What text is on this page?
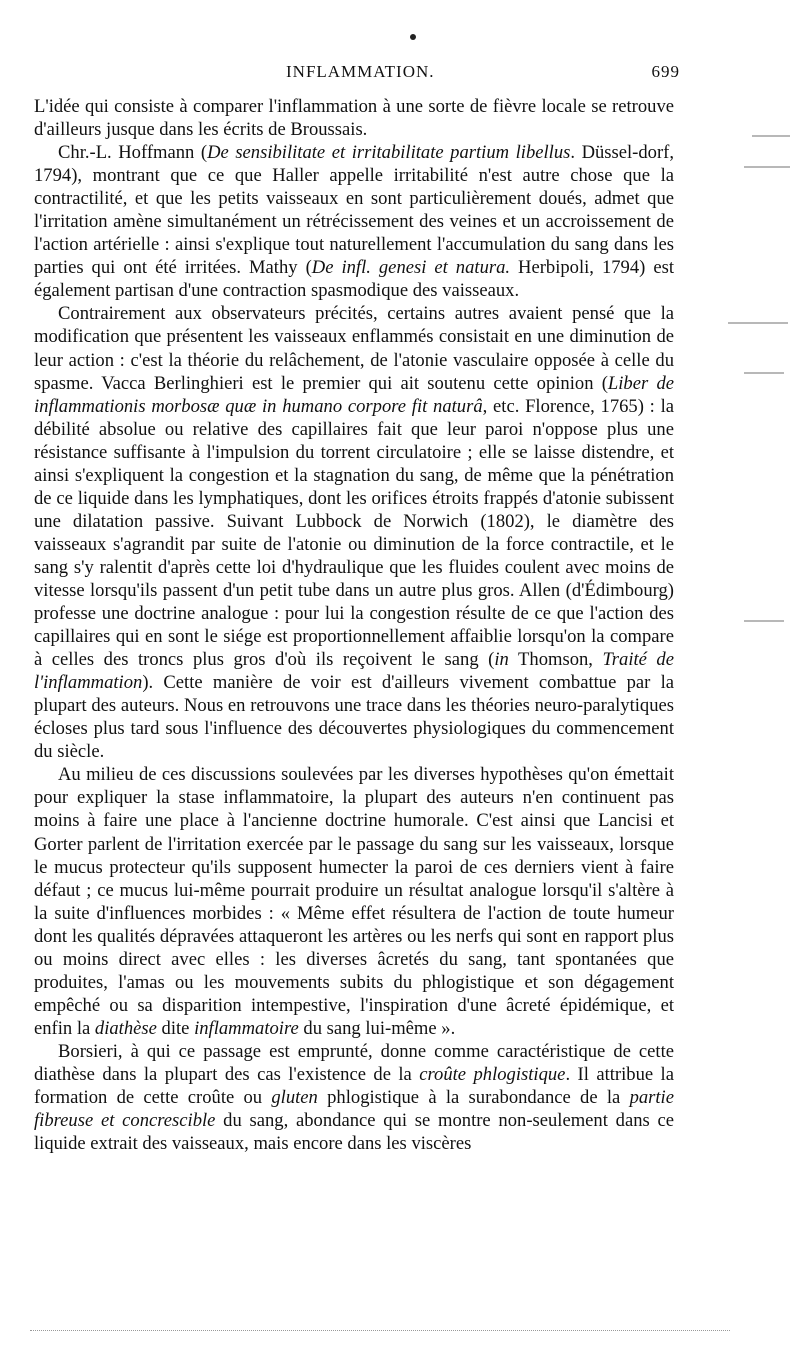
INFLAMMATION.	699

L'idée qui consiste à comparer l'inflammation à une sorte de fièvre locale se retrouve d'ailleurs jusque dans les écrits de Broussais.

Chr.-L. Hoffmann (De sensibilitate et irritabilitate partium libellus. Düssel-dorf, 1794), montrant que ce que Haller appelle irritabilité n'est autre chose que la contractilité, et que les petits vaisseaux en sont particulièrement doués, admet que l'irritation amène simultanément un rétrécissement des veines et un accroissement de l'action artérielle : ainsi s'explique tout naturellement l'accumulation du sang dans les parties qui ont été irritées. Mathy (De infl. genesi et natura. Herbipoli, 1794) est également partisan d'une contraction spasmodique des vaisseaux.

Contrairement aux observateurs précités, certains autres avaient pensé que la modification que présentent les vaisseaux enflammés consistait en une diminution de leur action : c'est la théorie du relâchement, de l'atonie vasculaire opposée à celle du spasme. Vacca Berlinghieri est le premier qui ait soutenu cette opinion (Liber de inflammationis morbosæ quæ in humano corpore fit naturâ, etc. Florence, 1765) : la débilité absolue ou relative des capillaires fait que leur paroi n'oppose plus une résistance suffisante à l'impulsion du torrent circulatoire ; elle se laisse distendre, et ainsi s'expliquent la congestion et la stagnation du sang, de même que la pénétration de ce liquide dans les lymphatiques, dont les orifices étroits frappés d'atonie subissent une dilatation passive. Suivant Lubbock de Norwich (1802), le diamètre des vaisseaux s'agrandit par suite de l'atonie ou diminution de la force contractile, et le sang s'y ralentit d'après cette loi d'hydraulique que les fluides coulent avec moins de vitesse lorsqu'ils passent d'un petit tube dans un autre plus gros. Allen (d'Édimbourg) professe une doctrine analogue : pour lui la congestion résulte de ce que l'action des capillaires qui en sont le siége est proportionnellement affaiblie lorsqu'on la compare à celles des troncs plus gros d'où ils reçoivent le sang (in Thomson, Traité de l'inflammation). Cette manière de voir est d'ailleurs vivement combattue par la plupart des auteurs. Nous en retrouvons une trace dans les théories neuro-paralytiques écloses plus tard sous l'influence des découvertes physiologiques du commencement du siècle.

Au milieu de ces discussions soulevées par les diverses hypothèses qu'on émettait pour expliquer la stase inflammatoire, la plupart des auteurs n'en continuent pas moins à faire une place à l'ancienne doctrine humorale. C'est ainsi que Lancisi et Gorter parlent de l'irritation exercée par le passage du sang sur les vaisseaux, lorsque le mucus protecteur qu'ils supposent humecter la paroi de ces derniers vient à faire défaut ; ce mucus lui-même pourrait produire un résultat analogue lorsqu'il s'altère à la suite d'influences morbides : « Même effet résultera de l'action de toute humeur dont les qualités dépravées attaqueront les artères ou les nerfs qui sont en rapport plus ou moins direct avec elles : les diverses âcretés du sang, tant spontanées que produites, l'amas ou les mouvements subits du phlogistique et son dégagement empêché ou sa disparition intempestive, l'inspiration d'une âcreté épidémique, et enfin la diathèse dite inflammatoire du sang lui-même ».

Borsieri, à qui ce passage est emprunté, donne comme caractéristique de cette diathèse dans la plupart des cas l'existence de la croûte phlogistique. Il attribue la formation de cette croûte ou gluten phlogistique à la surabondance de la partie fibreuse et concrescible du sang, abondance qui se montre non-seulement dans ce liquide extrait des vaisseaux, mais encore dans les viscères
